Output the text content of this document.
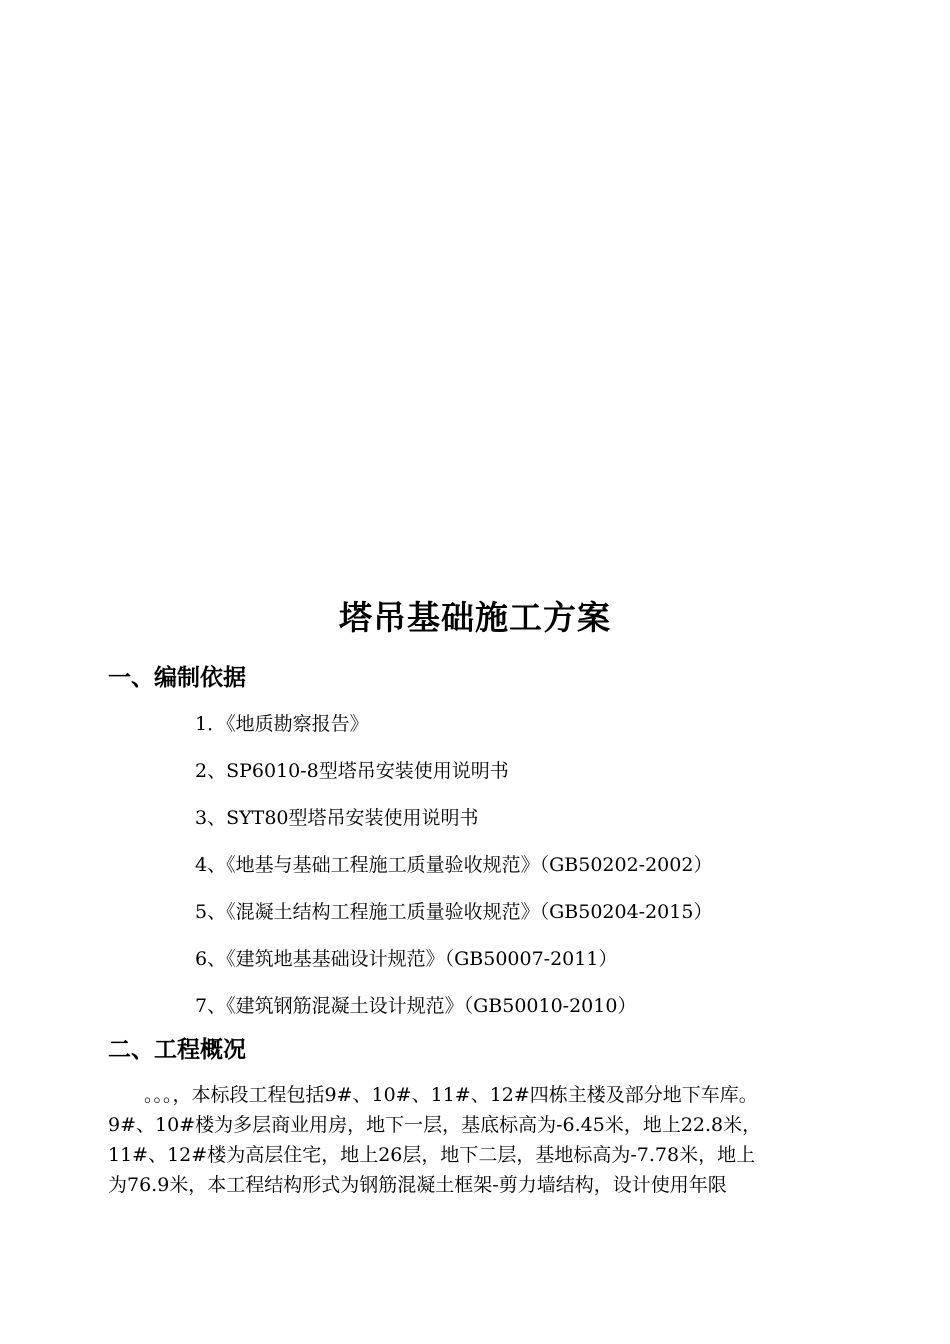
塔吊基础施工方案
一、编制依据
1．《地质勘察报告》
2、SP6010-8型塔吊安装使用说明书
3、SYT80型塔吊安装使用说明书
4、《地基与基础工程施工质量验收规范》（GB50202-2002）
5、《混凝土结构工程施工质量验收规范》（GB50204-2015）
6、《建筑地基基础设计规范》（GB50007-2011）
7、《建筑钢筋混凝土设计规范》（GB50010-2010）
二、工程概况
。。。，本标段工程包括9#、10#、11#、12#四栋主楼及部分地下车库。
9#、10#楼为多层商业用房，地下一层，基底标高为-6.45米，地上22.8米，
11#、12#楼为高层住宅，地上26层，地下二层，基地标高为-7.78米，地上
为76.9米，本工程结构形式为钢筋混凝土框架-剪力墙结构，设计使用年限
